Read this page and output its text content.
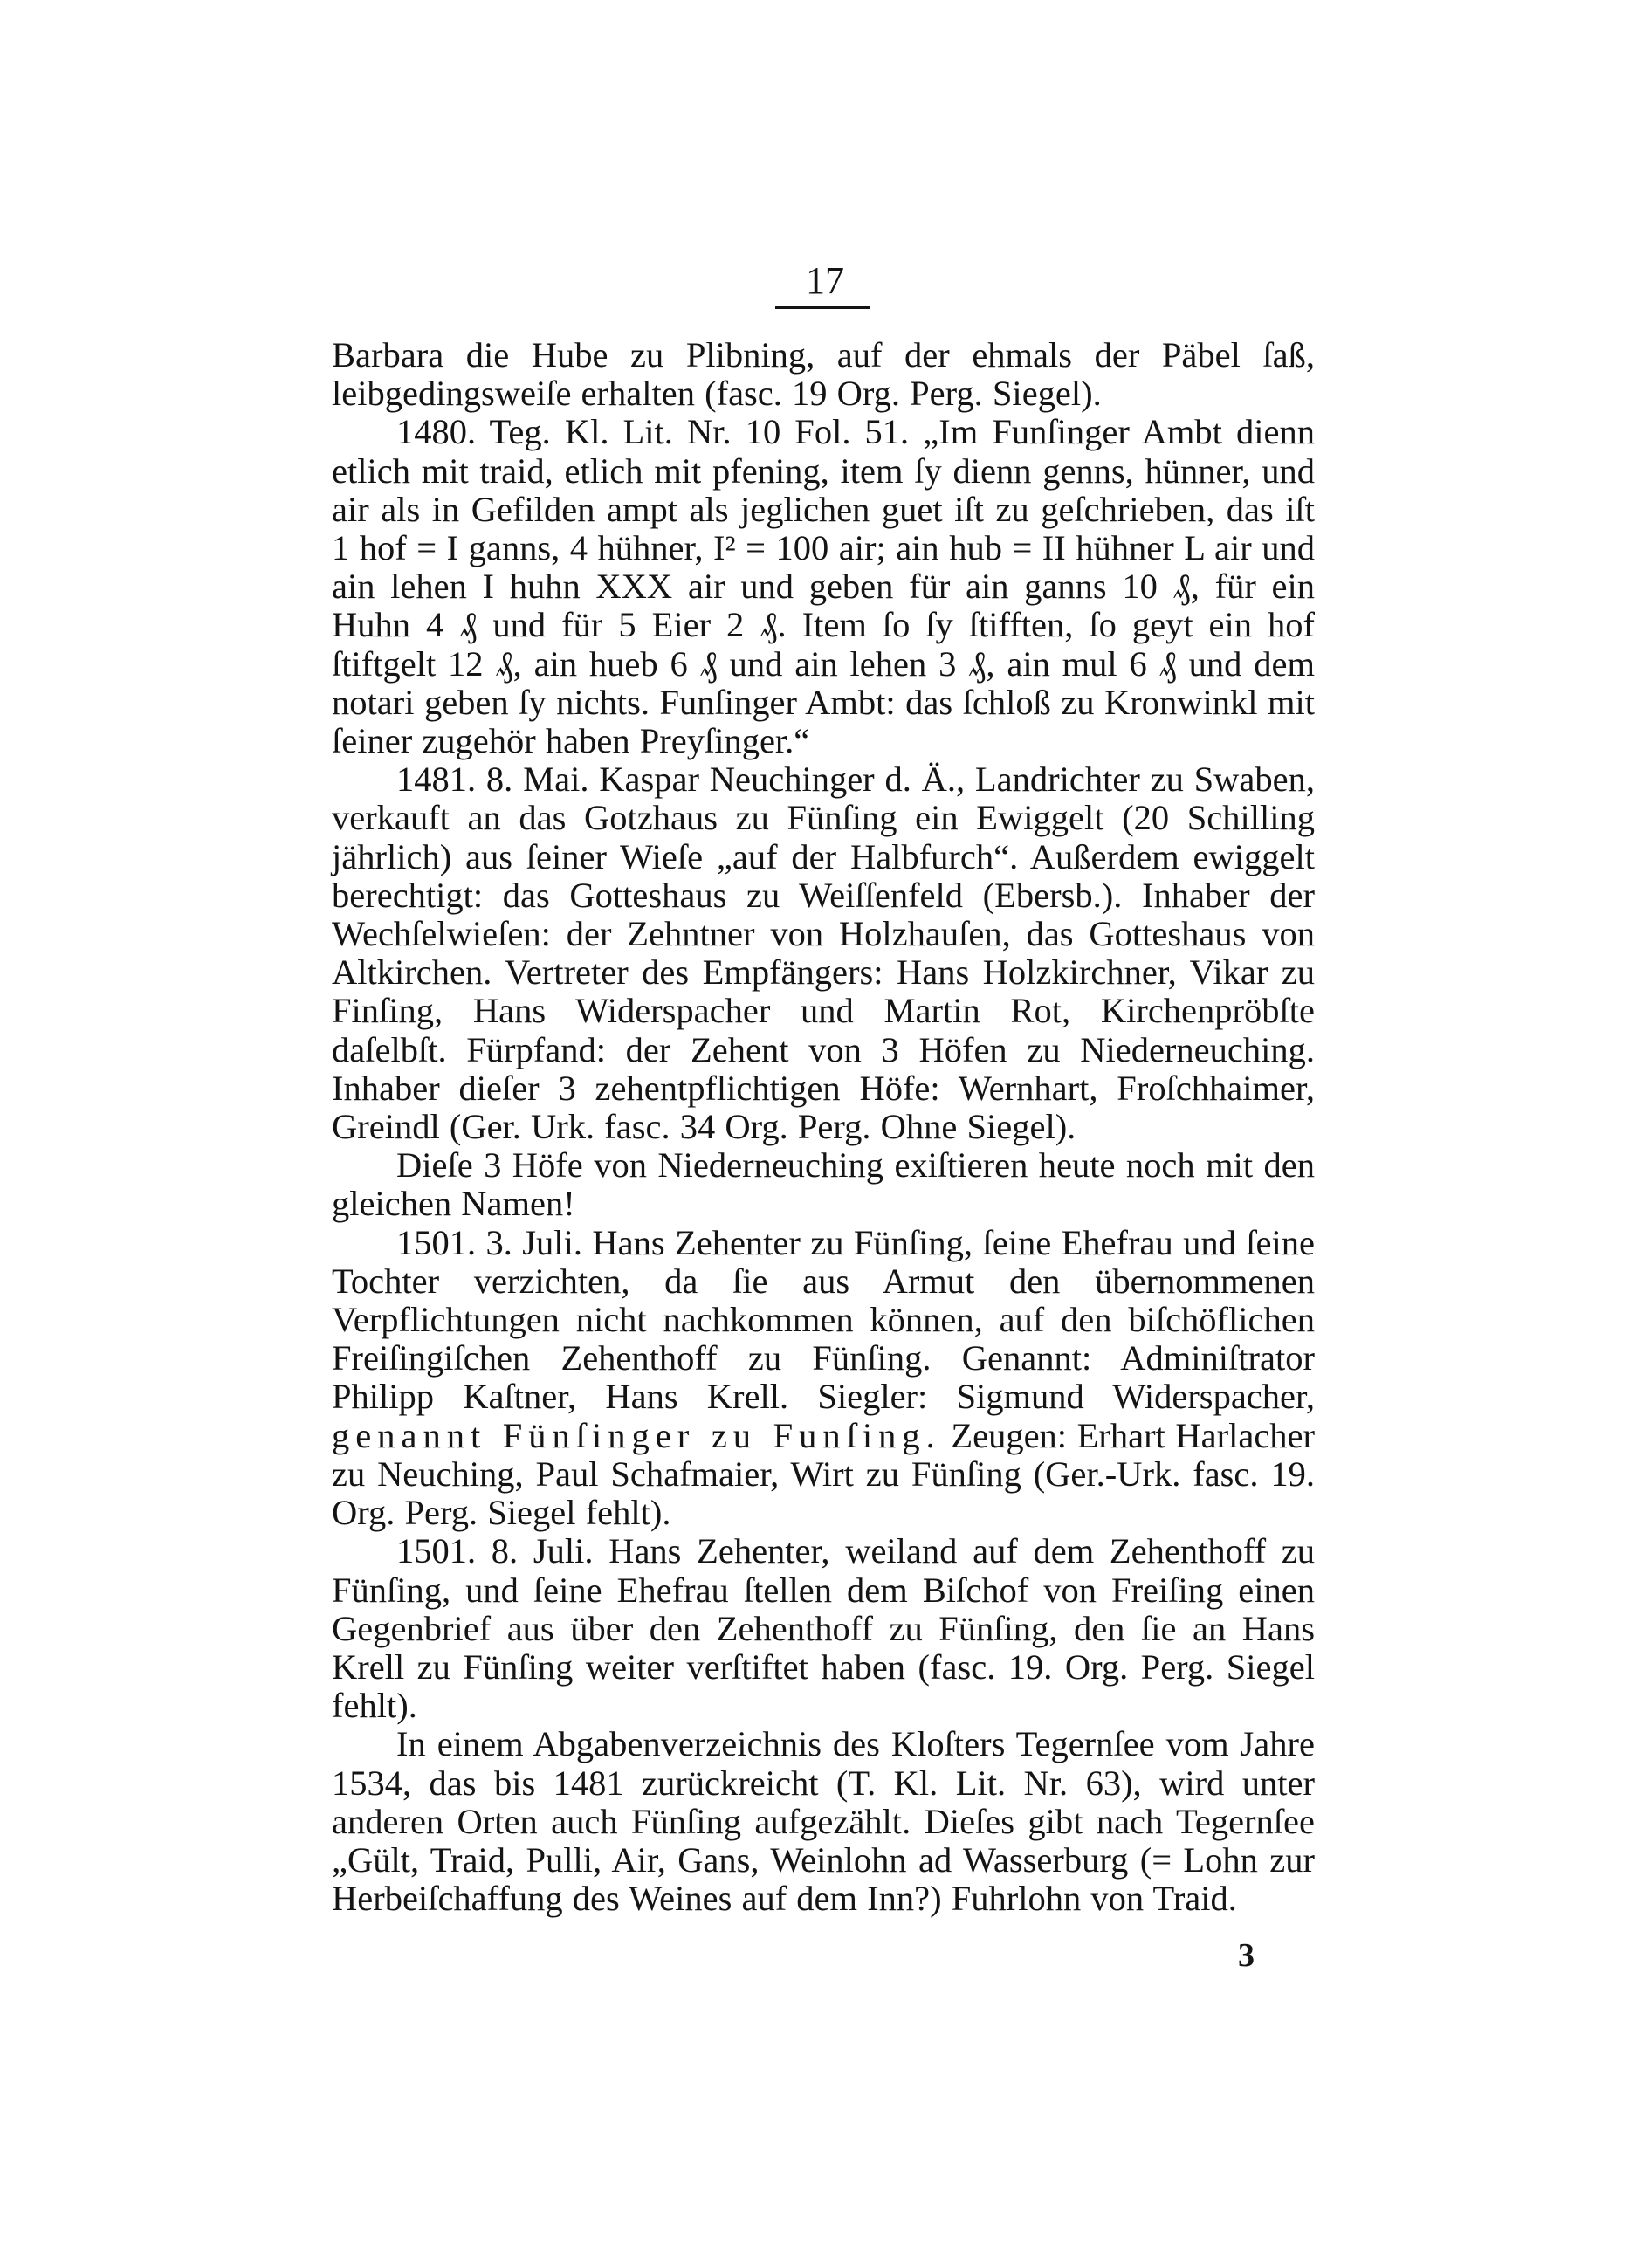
17

Barbara die Hube zu Plibning, auf der ehmals der Päbel ſaß, leibgedingsweiſe erhalten (fasc. 19 Org. Perg. Siegel).

1480. Teg. Kl. Lit. Nr. 10 Fol. 51. „Im Funſinger Ambt dienn etlich mit traid, etlich mit pfening, item ſy dienn genns, hünner, und air als in Gefilden ampt als jeglichen guet iſt zu geſchrieben, das iſt 1 hof = I ganns, 4 hühner, I² = 100 air; ain hub = II hühner L air und ain lehen I huhn XXX air und geben für ain ganns 10 ₰, für ein Huhn 4 ₰ und für 5 Eier 2 ₰. Item ſo ſy ſtifften, ſo geyt ein hof ſtiftgelt 12 ₰, ain hueb 6 ₰ und ain lehen 3 ₰, ain mul 6 ₰ und dem notari geben ſy nichts. Funſinger Ambt: das ſchloß zu Kronwinkl mit ſeiner zugehör haben Preyſinger.“

1481. 8. Mai. Kaspar Neuchinger d. Ä., Landrichter zu Swaben, verkauft an das Gotzhaus zu Fünſing ein Ewiggelt (20 Schilling jährlich) aus ſeiner Wieſe „auf der Halbfurch“. Außerdem ewiggelt berechtigt: das Gotteshaus zu Weiſſenfeld (Ebersb.). Inhaber der Wechſelwieſen: der Zehntner von Holzhauſen, das Gotteshaus von Altkirchen. Vertreter des Empfängers: Hans Holzkirchner, Vikar zu Finſing, Hans Widerspacher und Martin Rot, Kirchenpröbſte daſelbſt. Fürpfand: der Zehent von 3 Höfen zu Niederneuching. Inhaber dieſer 3 zehentpflichtigen Höfe: Wernhart, Froſchhaimer, Greindl (Ger. Urk. fasc. 34 Org. Perg. Ohne Siegel).

Dieſe 3 Höfe von Niederneuching exiſtieren heute noch mit den gleichen Namen!

1501. 3. Juli. Hans Zehenter zu Fünſing, ſeine Ehefrau und ſeine Tochter verzichten, da ſie aus Armut den übernommenen Verpflichtungen nicht nachkommen können, auf den biſchöflichen Freiſingiſchen Zehenthoff zu Fünſing. Genannt: Adminiſtrator Philipp Kaſtner, Hans Krell. Siegler: Sigmund Widerspacher, genannt Fünſinger zu Funſing. Zeugen: Erhart Harlacher zu Neuching, Paul Schafmaier, Wirt zu Fünſing (Ger.-Urk. fasc. 19. Org. Perg. Siegel fehlt).

1501. 8. Juli. Hans Zehenter, weiland auf dem Zehenthoff zu Fünſing, und ſeine Ehefrau ſtellen dem Biſchof von Freiſing einen Gegenbrief aus über den Zehenthoff zu Fünſing, den ſie an Hans Krell zu Fünſing weiter verſtiftet haben (fasc. 19. Org. Perg. Siegel fehlt).

In einem Abgabenverzeichnis des Kloſters Tegernſee vom Jahre 1534, das bis 1481 zurückreicht (T. Kl. Lit. Nr. 63), wird unter anderen Orten auch Fünſing aufgezählt. Dieſes gibt nach Tegernſee „Gült, Traid, Pulli, Air, Gans, Weinlohn ad Wasserburg (= Lohn zur Herbeiſchaffung des Weines auf dem Inn?) Fuhrlohn von Traid.

3
